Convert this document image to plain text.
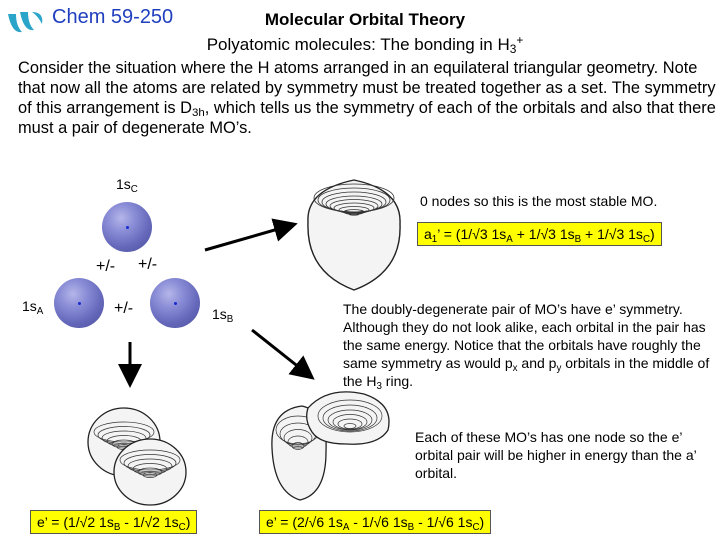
Chem 59-250	Molecular Orbital Theory
Polyatomic molecules: The bonding in $H_3^+$
Consider the situation where the H atoms arranged in an equilateral triangular geometry. Note that now all the atoms are related by symmetry must be treated together as a set. The symmetry of this arrangement is $D_{3h}$, which tells us the symmetry of each of the orbitals and also that there must a pair of degenerate MO’s.
$1s_C$
$1s_A$	$1s_B$
+/- +/-
+/-
0 nodes so this is the most stable MO.
$a_1$’ = (1/√3 $1s_A + 1/√3$ $1s_B + 1/√3$ $1s_C$)
The doubly-degenerate pair of MO’s have e’ symmetry. Although they do not look alike, each orbital in the pair has the same energy. Notice that the orbitals have roughly the same symmetry as would $p_x$ and $p_y$ orbitals in the middle of the $H_3$ ring.
Each of these MO’s has one node so the e’ orbital pair will be higher in energy than the a’ orbital.
e’ = (1/√2 $1s_B - 1/√2$ $1s_C$)	e’ = (2/√6 $1s_A - 1/√6$ $1s_B - 1/√6$ $1s_C$)
